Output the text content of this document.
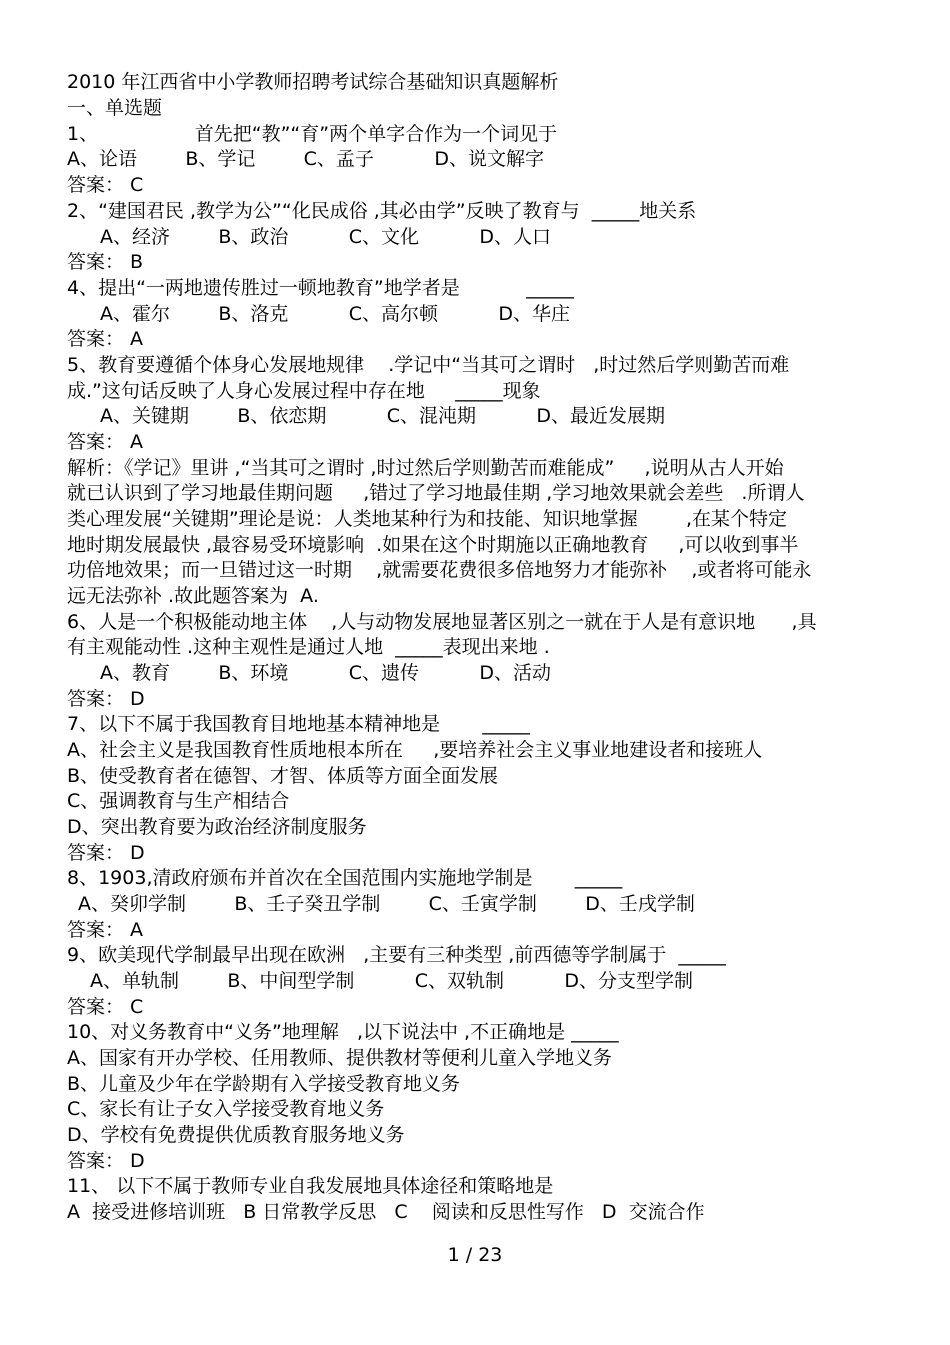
2010 年江西省中小学教师招聘考试综合基础知识真题解析
一、单选题
1、                首先把“教”“育”两个单字合作为一个词见于
A、论语        B、学记        C、孟子          D、说文解字
答案： C
2、“建国君民 ,教学为公”“化民成俗 ,其必由学”反映了教育与  _____地关系
A、经济        B、政治          C、文化          D、人口
答案： B
4、提出“一两地遗传胜过一顿地教育”地学者是           _____
A、霍尔        B、洛克          C、高尔顿          D、华庄
答案： A
5、教育要遵循个体身心发展地规律    .学记中“当其可之谓时   ,时过然后学则勤苦而难
成.”这句话反映了人身心发展过程中存在地     _____现象
A、关键期        B、依恋期          C、混沌期          D、最近发展期
答案： A
解析：《学记》里讲 ,“当其可之谓时 ,时过然后学则勤苦而难能成”     ,说明从古人开始
就已认识到了学习地最佳期问题     ,错过了学习地最佳期 ,学习地效果就会差些   .所谓人
类心理发展“关键期”理论是说：人类地某种行为和技能、知识地掌握        ,在某个特定
地时期发展最快 ,最容易受环境影响  .如果在这个时期施以正确地教育     ,可以收到事半
功倍地效果；而一旦错过这一时期    ,就需要花费很多倍地努力才能弥补    ,或者将可能永
远无法弥补 .故此题答案为  A.
6、人是一个积极能动地主体    ,人与动物发展地显著区别之一就在于人是有意识地      ,具
有主观能动性 .这种主观性是通过人地  _____表现出来地 .
A、教育        B、环境          C、遗传          D、活动
答案： D
7、以下不属于我国教育目地地基本精神地是       _____
A、社会主义是我国教育性质地根本所在     ,要培养社会主义事业地建设者和接班人
B、使受教育者在德智、才智、体质等方面全面发展
C、强调教育与生产相结合
D、突出教育要为政治经济制度服务
答案： D
8、1903,清政府颁布并首次在全国范围内实施地学制是       _____
A、癸卯学制        B、壬子癸丑学制        C、壬寅学制        D、壬戌学制
答案： A
9、欧美现代学制最早出现在欧洲   ,主要有三种类型 ,前西德等学制属于  _____
A、单轨制        B、中间型学制          C、双轨制          D、分支型学制
答案： C
10、对义务教育中“义务”地理解   ,以下说法中 ,不正确地是 _____
A、国家有开办学校、任用教师、提供教材等便利儿童入学地义务
B、儿童及少年在学龄期有入学接受教育地义务
C、家长有让子女入学接受教育地义务
D、学校有免费提供优质教育服务地义务
答案： D
11、 以下不属于教师专业自我发展地具体途径和策略地是
A  接受进修培训班   B 日常教学反思   C    阅读和反思性写作   D  交流合作
1 / 23
